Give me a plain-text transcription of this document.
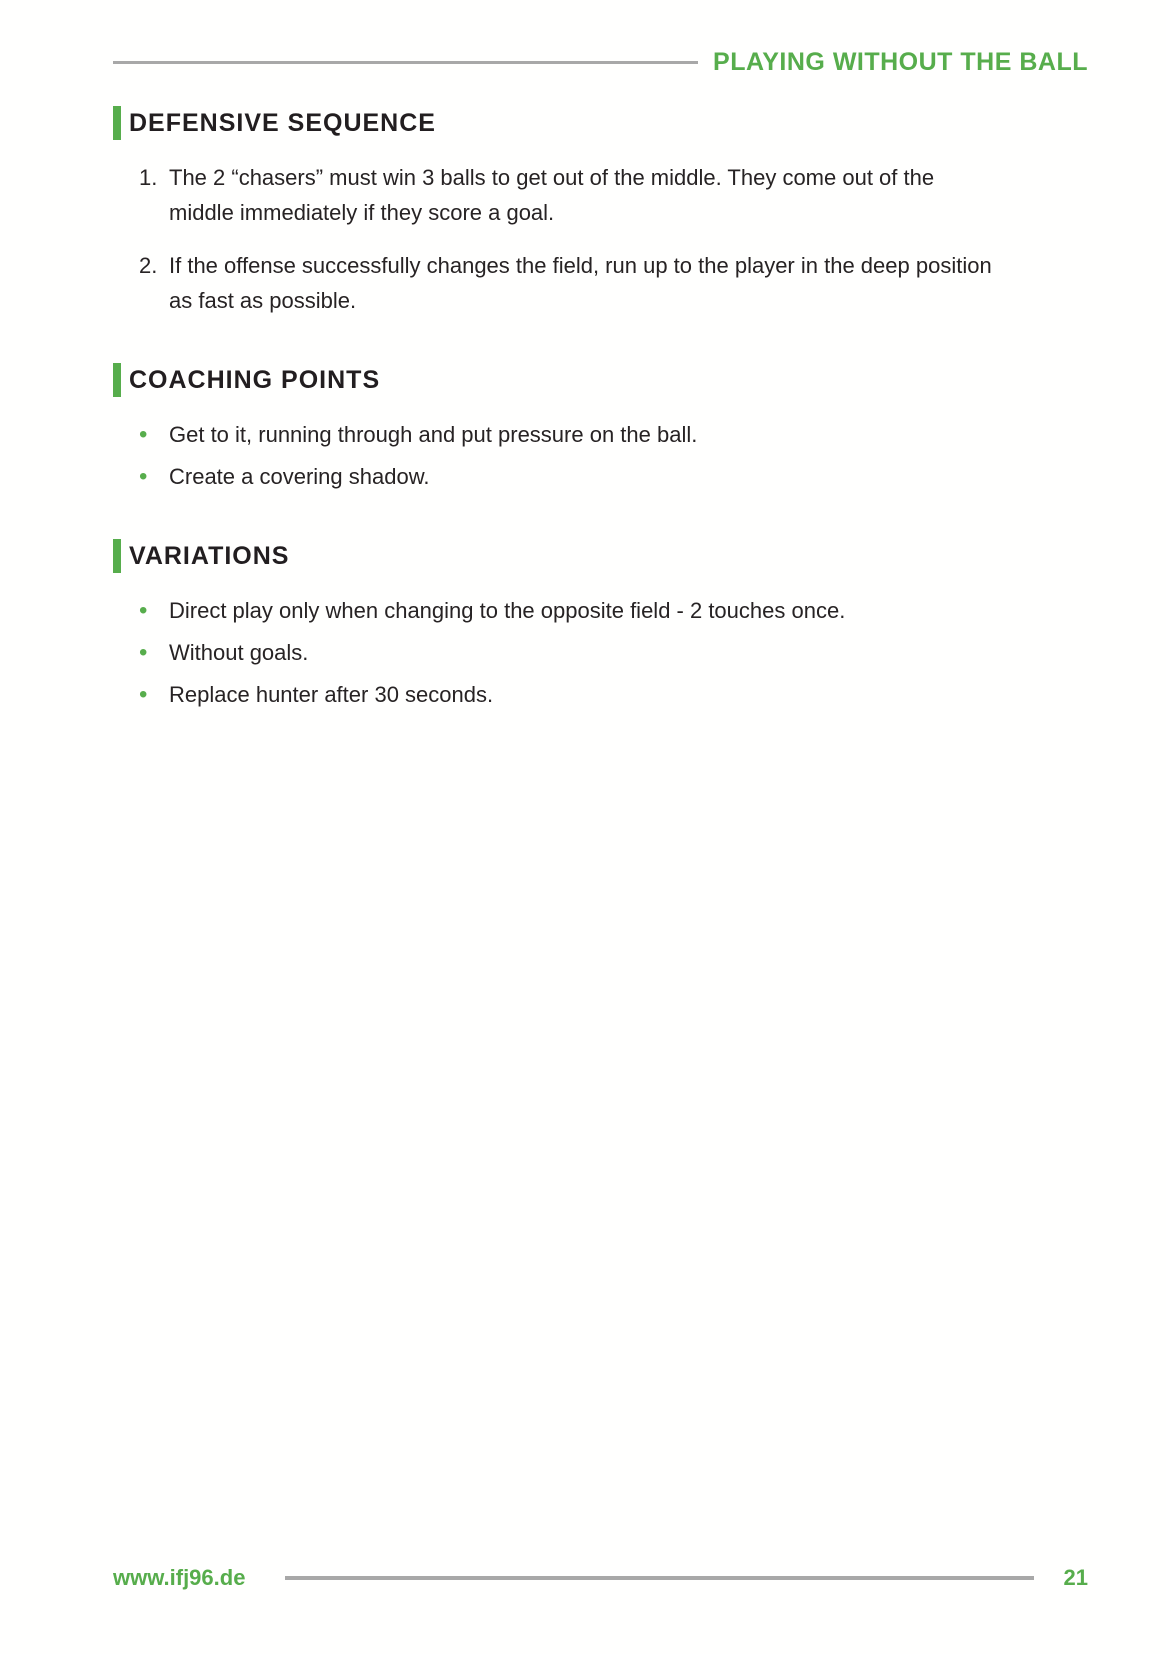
PLAYING WITHOUT THE BALL
DEFENSIVE SEQUENCE
1. The 2 “chasers” must win 3 balls to get out of the middle. They come out of the middle immediately if they score a goal.
2. If the offense successfully changes the field, run up to the player in the deep position as fast as possible.
COACHING POINTS
• Get to it, running through and put pressure on the ball.
• Create a covering shadow.
VARIATIONS
• Direct play only when changing to the opposite field - 2 touches once.
• Without goals.
• Replace hunter after 30 seconds.
www.ifj96.de	21
